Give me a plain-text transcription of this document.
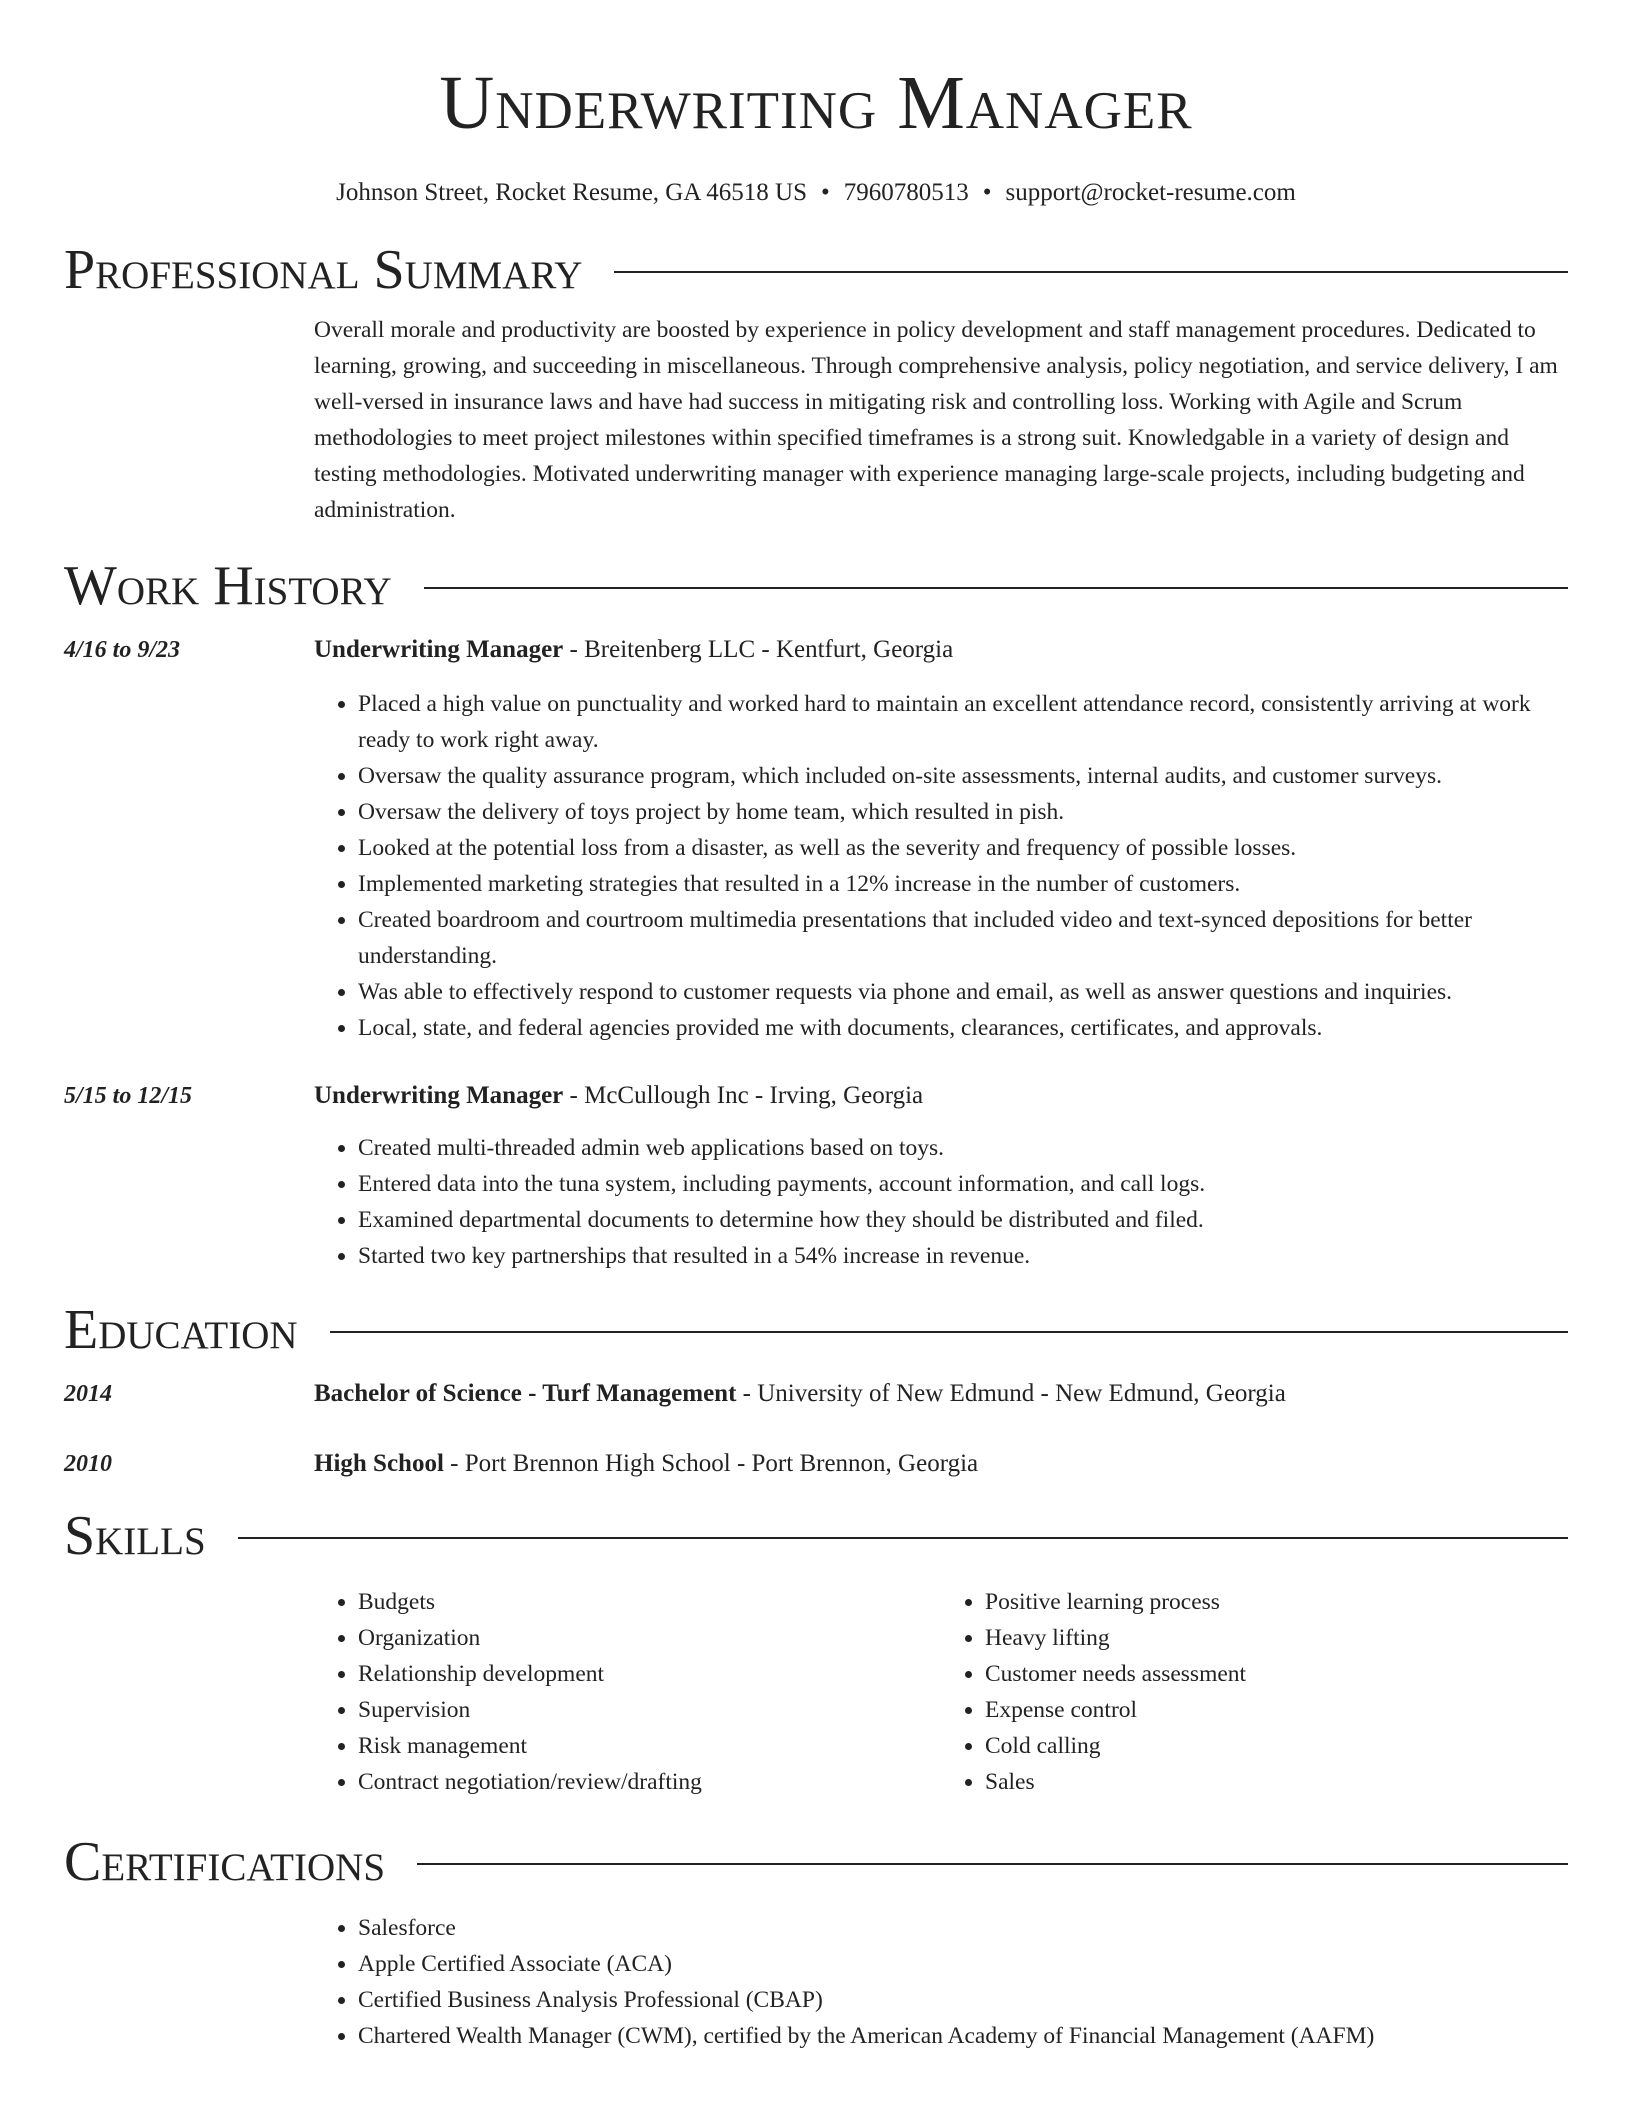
Underwriting Manager
Johnson Street, Rocket Resume, GA 46518 US • 7960780513 • support@rocket-resume.com
Professional Summary
Overall morale and productivity are boosted by experience in policy development and staff management procedures. Dedicated to learning, growing, and succeeding in miscellaneous. Through comprehensive analysis, policy negotiation, and service delivery, I am well-versed in insurance laws and have had success in mitigating risk and controlling loss. Working with Agile and Scrum methodologies to meet project milestones within specified timeframes is a strong suit. Knowledgable in a variety of design and testing methodologies. Motivated underwriting manager with experience managing large-scale projects, including budgeting and administration.
Work History
4/16 to 9/23	Underwriting Manager - Breitenberg LLC - Kentfurt, Georgia
• Placed a high value on punctuality and worked hard to maintain an excellent attendance record, consistently arriving at work ready to work right away.
• Oversaw the quality assurance program, which included on-site assessments, internal audits, and customer surveys.
• Oversaw the delivery of toys project by home team, which resulted in pish.
• Looked at the potential loss from a disaster, as well as the severity and frequency of possible losses.
• Implemented marketing strategies that resulted in a 12% increase in the number of customers.
• Created boardroom and courtroom multimedia presentations that included video and text-synced depositions for better understanding.
• Was able to effectively respond to customer requests via phone and email, as well as answer questions and inquiries.
• Local, state, and federal agencies provided me with documents, clearances, certificates, and approvals.
5/15 to 12/15	Underwriting Manager - McCullough Inc - Irving, Georgia
• Created multi-threaded admin web applications based on toys.
• Entered data into the tuna system, including payments, account information, and call logs.
• Examined departmental documents to determine how they should be distributed and filed.
• Started two key partnerships that resulted in a 54% increase in revenue.
Education
2014	Bachelor of Science - Turf Management - University of New Edmund - New Edmund, Georgia
2010	High School - Port Brennon High School - Port Brennon, Georgia
Skills
• Budgets
• Organization
• Relationship development
• Supervision
• Risk management
• Contract negotiation/review/drafting
• Positive learning process
• Heavy lifting
• Customer needs assessment
• Expense control
• Cold calling
• Sales
Certifications
• Salesforce
• Apple Certified Associate (ACA)
• Certified Business Analysis Professional (CBAP)
• Chartered Wealth Manager (CWM), certified by the American Academy of Financial Management (AAFM)
